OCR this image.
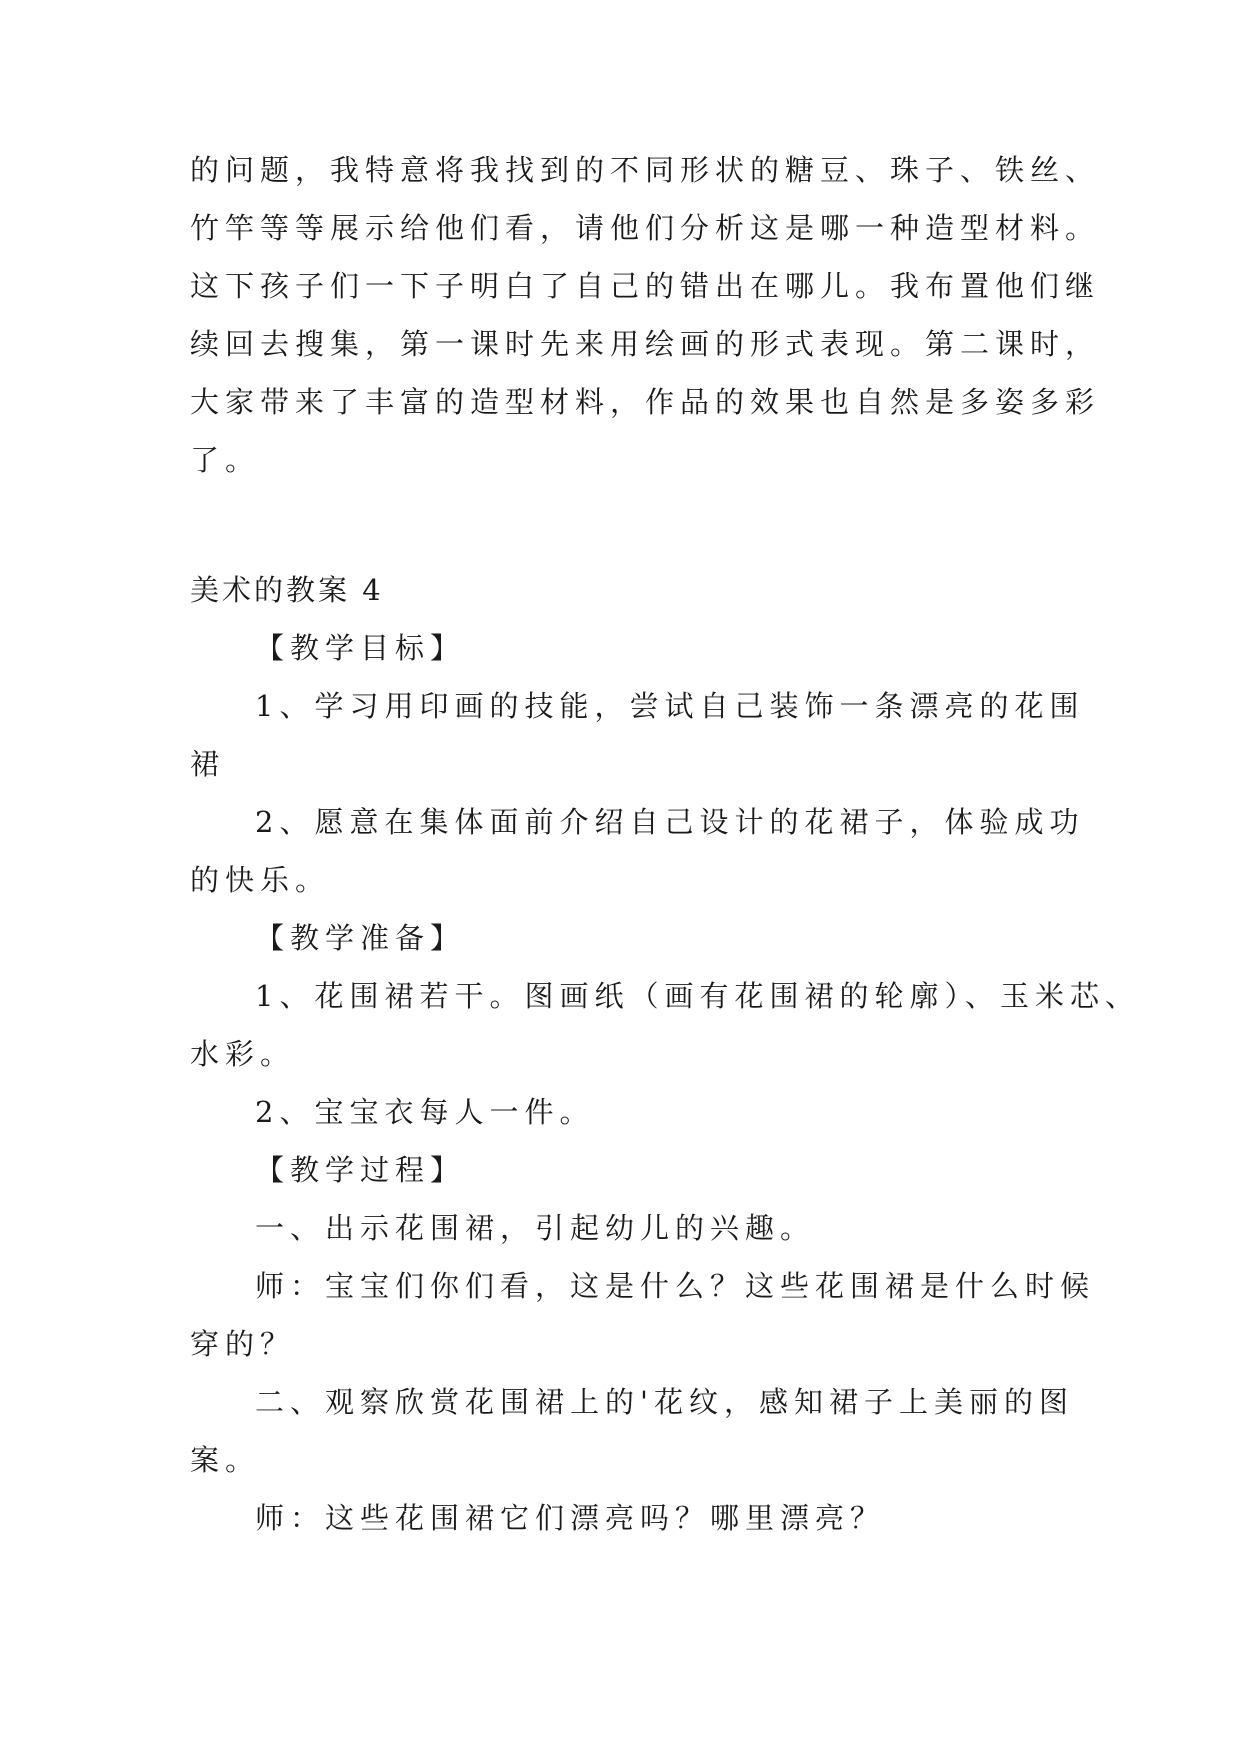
的问题，我特意将我找到的不同形状的糖豆、珠子、铁丝、
竹竿等等展示给他们看，请他们分析这是哪一种造型材料。
这下孩子们一下子明白了自己的错出在哪儿。我布置他们继
续回去搜集，第一课时先来用绘画的形式表现。第二课时，
大家带来了丰富的造型材料，作品的效果也自然是多姿多彩
了。
美术的教案 4
【教学目标】
1、学习用印画的技能，尝试自己装饰一条漂亮的花围
裙
2、愿意在集体面前介绍自己设计的花裙子，体验成功
的快乐。
【教学准备】
1、花围裙若干。图画纸（画有花围裙的轮廓）、玉米芯、
水彩。
2、宝宝衣每人一件。
【教学过程】
一、出示花围裙，引起幼儿的兴趣。
师：宝宝们你们看，这是什么？这些花围裙是什么时候
穿的？
二、观察欣赏花围裙上的'花纹，感知裙子上美丽的图
案。
师：这些花围裙它们漂亮吗？哪里漂亮？
